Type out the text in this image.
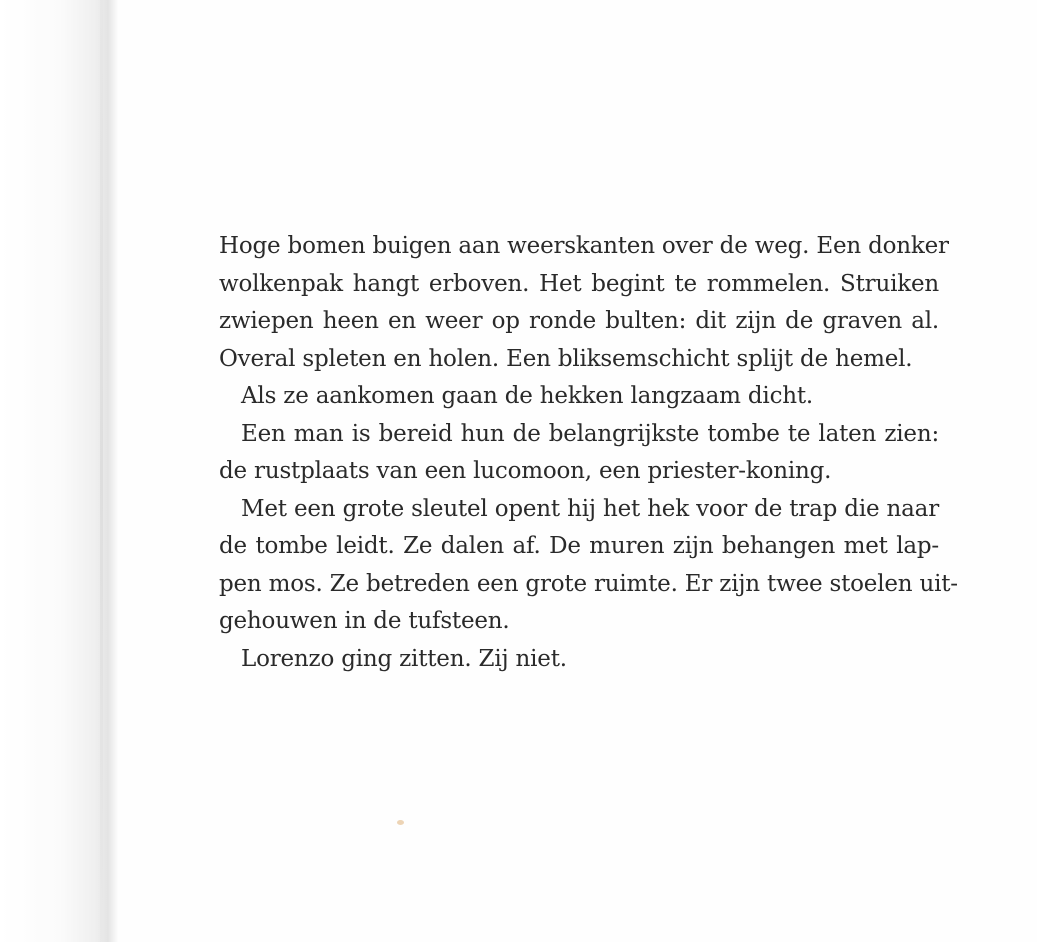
Hoge bomen buigen aan weerskanten over de weg. Een donker
wolkenpak hangt erboven. Het begint te rommelen. Struiken
zwiepen heen en weer op ronde bulten: dit zijn de graven al.
Overal spleten en holen. Een bliksemschicht splijt de hemel.
Als ze aankomen gaan de hekken langzaam dicht.
Een man is bereid hun de belangrijkste tombe te laten zien:
de rustplaats van een lucomoon, een priester-koning.
Met een grote sleutel opent hij het hek voor de trap die naar
de tombe leidt. Ze dalen af. De muren zijn behangen met lap-
pen mos. Ze betreden een grote ruimte. Er zijn twee stoelen uit-
gehouwen in de tufsteen.
Lorenzo ging zitten. Zij niet.
